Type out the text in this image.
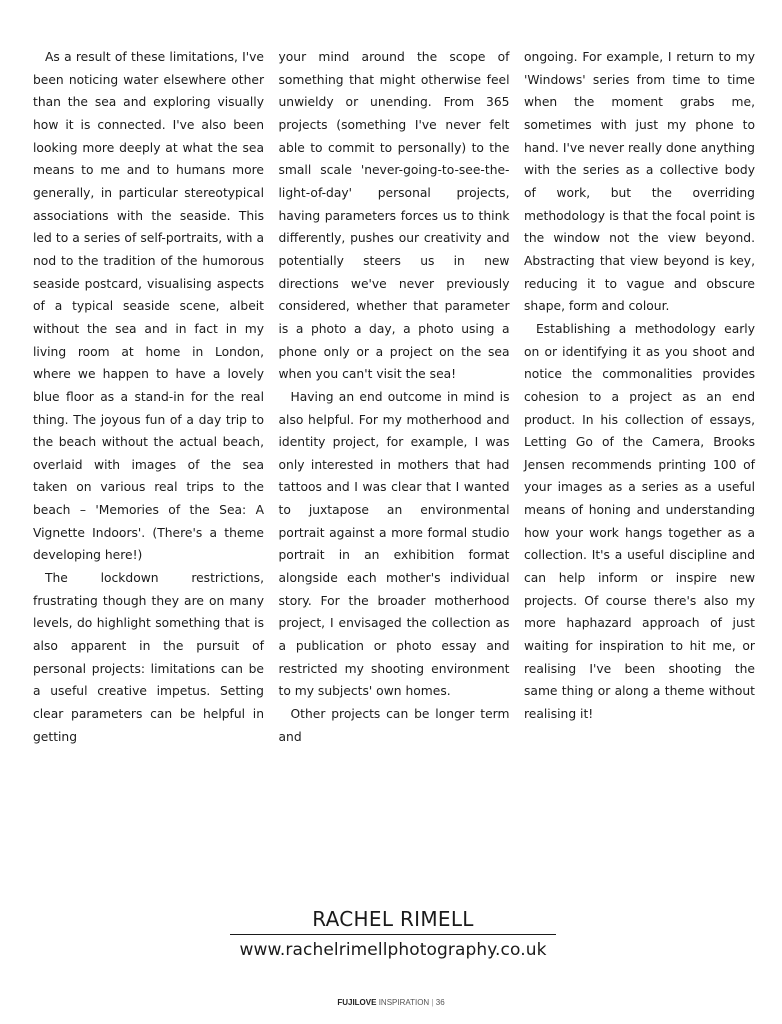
As a result of these limitations, I've been noticing water elsewhere other than the sea and exploring visually how it is connected. I've also been looking more deeply at what the sea means to me and to humans more generally, in particular stereotypical associations with the seaside. This led to a series of self-portraits, with a nod to the tradition of the humorous seaside postcard, visualising aspects of a typical seaside scene, albeit without the sea and in fact in my living room at home in London, where we happen to have a lovely blue floor as a stand-in for the real thing. The joyous fun of a day trip to the beach without the actual beach, overlaid with images of the sea taken on various real trips to the beach – 'Memories of the Sea: A Vignette Indoors'. (There's a theme developing here!)

The lockdown restrictions, frustrating though they are on many levels, do highlight something that is also apparent in the pursuit of personal projects: limitations can be a useful creative impetus. Setting clear parameters can be helpful in getting

your mind around the scope of something that might otherwise feel unwieldy or unending. From 365 projects (something I've never felt able to commit to personally) to the small scale 'never-going-to-see-the-light-of-day' personal projects, having parameters forces us to think differently, pushes our creativity and potentially steers us in new directions we've never previously considered, whether that parameter is a photo a day, a photo using a phone only or a project on the sea when you can't visit the sea!

Having an end outcome in mind is also helpful. For my motherhood and identity project, for example, I was only interested in mothers that had tattoos and I was clear that I wanted to juxtapose an environmental portrait against a more formal studio portrait in an exhibition format alongside each mother's individual story. For the broader motherhood project, I envisaged the collection as a publication or photo essay and restricted my shooting environment to my subjects' own homes.

Other projects can be longer term and

ongoing. For example, I return to my 'Windows' series from time to time when the moment grabs me, sometimes with just my phone to hand. I've never really done anything with the series as a collective body of work, but the overriding methodology is that the focal point is the window not the view beyond. Abstracting that view beyond is key, reducing it to vague and obscure shape, form and colour.

Establishing a methodology early on or identifying it as you shoot and notice the commonalities provides cohesion to a project as an end product. In his collection of essays, Letting Go of the Camera, Brooks Jensen recommends printing 100 of your images as a series as a useful means of honing and understanding how your work hangs together as a collection. It's a useful discipline and can help inform or inspire new projects. Of course there's also my more haphazard approach of just waiting for inspiration to hit me, or realising I've been shooting the same thing or along a theme without realising it!

RACHEL RIMELL
www.rachelrimellphotography.co.uk
FUJILOVE INSPIRATION | 36
